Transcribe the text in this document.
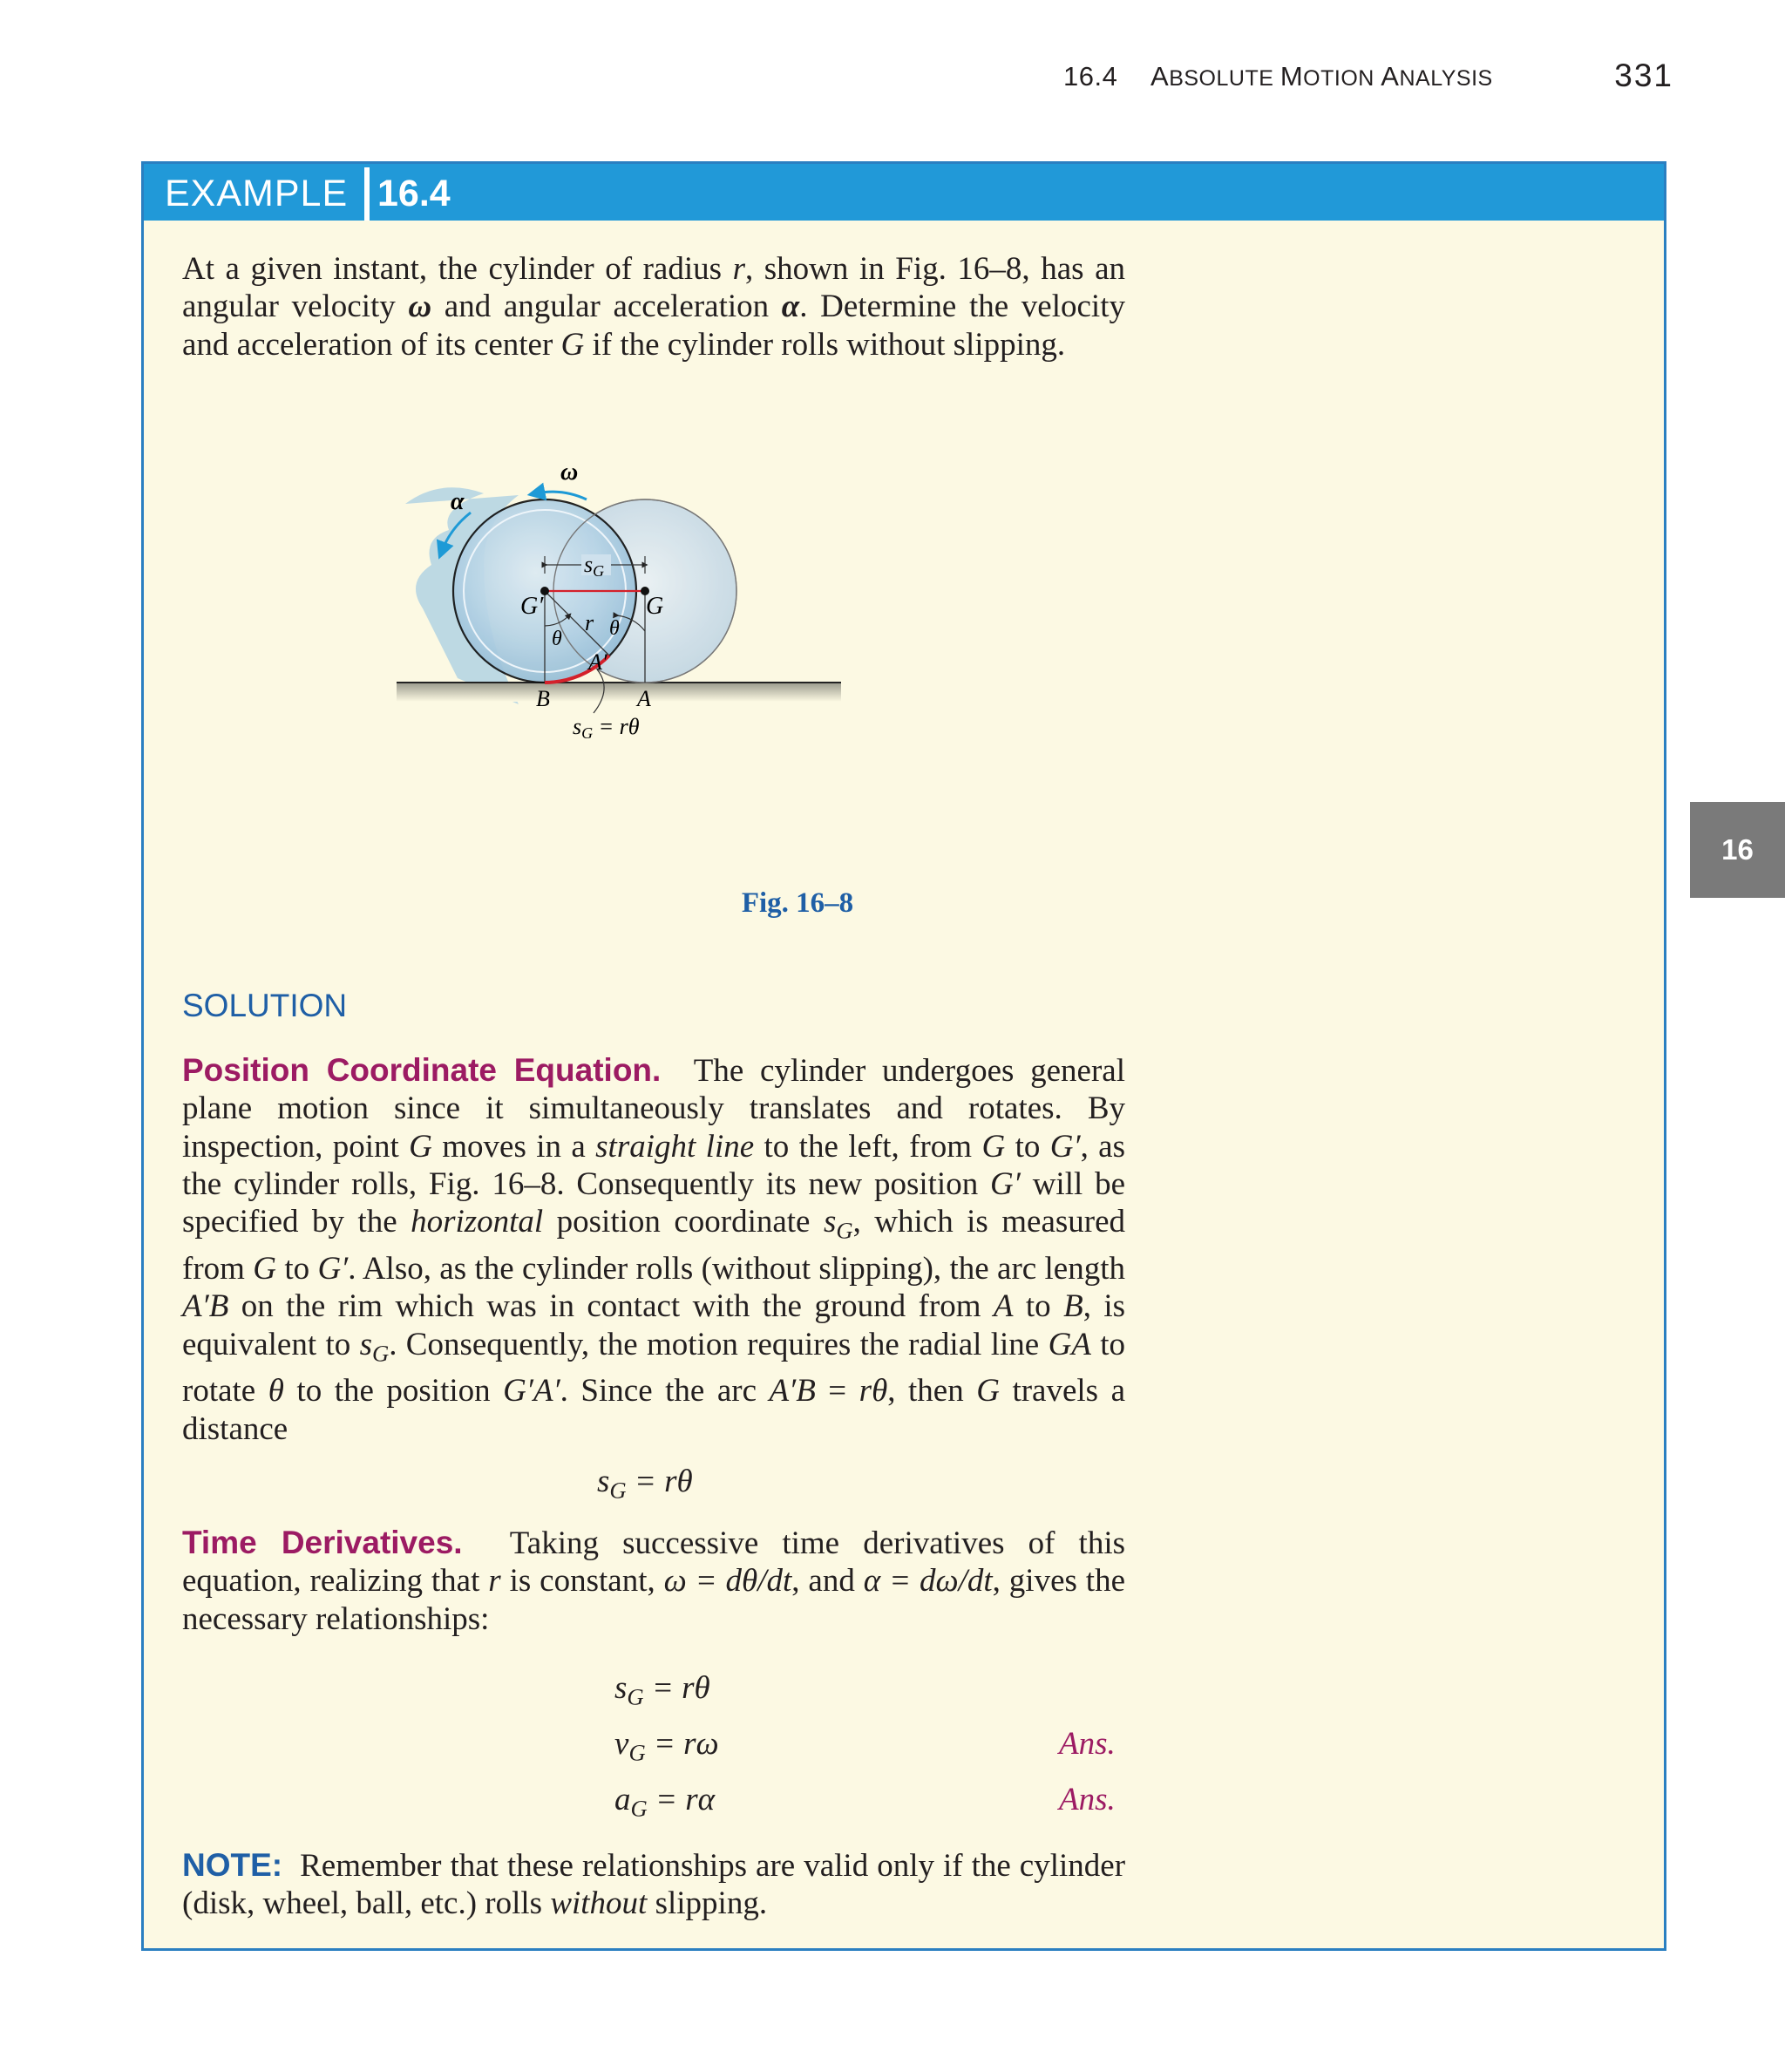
16.4 ABSOLUTE MOTION ANALYSIS	331
16
EXAMPLE 16.4

At a given instant, the cylinder of radius r, shown in Fig. 16–8, has an angular velocity ω and angular acceleration α. Determine the velocity and acceleration of its center G if the cylinder rolls without slipping.

sG
ω
α
G′	G
r
θ θ
A′
B	A
sG = rθ
Fig. 16–8
SOLUTION

Position Coordinate Equation. The cylinder undergoes general plane motion since it simultaneously translates and rotates. By inspection, point G moves in a straight line to the left, from G to G′, as the cylinder rolls, Fig. 16–8. Consequently its new position G′ will be specified by the horizontal position coordinate $s_G$, which is measured from G to G′. Also, as the cylinder rolls (without slipping), the arc length A′B on the rim which was in contact with the ground from A to B, is equivalent to $s_G$. Consequently, the motion requires the radial line GA to rotate θ to the position G′A′. Since the arc A′B = rθ, then G travels a distance

$s_G = r\theta$

Time Derivatives. Taking successive time derivatives of this equation, realizing that r is constant, ω = dθ/dt, and α = dω/dt, gives the necessary relationships:

$s_G = r\theta$
$v_G = r\omega$	Ans.
$a_G = r\alpha$	Ans.

NOTE: Remember that these relationships are valid only if the cylinder (disk, wheel, ball, etc.) rolls without slipping.
